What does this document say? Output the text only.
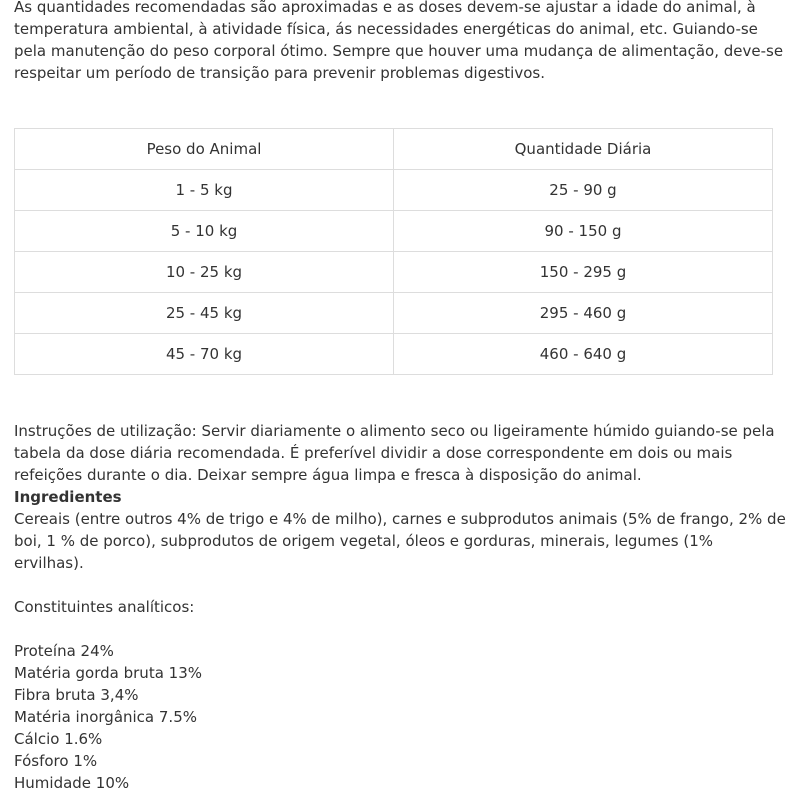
As quantidades recomendadas são aproximadas e as doses devem-se ajustar a idade do animal, à temperatura ambiental, à atividade física, ás necessidades energéticas do animal, etc. Guiando-se pela manutenção do peso corporal ótimo. Sempre que houver uma mudança de alimentação, deve-se respeitar um período de transição para prevenir problemas digestivos.

Peso do Animal	Quantidade Diária
1 - 5 kg	25 - 90 g
5 - 10 kg	90 - 150 g
10 - 25 kg	150 - 295 g
25 - 45 kg	295 - 460 g
45 - 70 kg	460 - 640 g

Instruções de utilização: Servir diariamente o alimento seco ou ligeiramente húmido guiando-se pela tabela da dose diária recomendada. É preferível dividir a dose correspondente em dois ou mais refeições durante o dia. Deixar sempre água limpa e fresca à disposição do animal.

Ingredientes

Cereais (entre outros 4% de trigo e 4% de milho), carnes e subprodutos animais (5% de frango, 2% de boi, 1 % de porco), subprodutos de origem vegetal, óleos e gorduras, minerais, legumes (1% ervilhas).

Constituintes analíticos:

Proteína 24%

Matéria gorda bruta 13%

Fibra bruta 3,4%

Matéria inorgânica 7.5%

Cálcio 1.6%

Fósforo 1%

Humidade 10%
